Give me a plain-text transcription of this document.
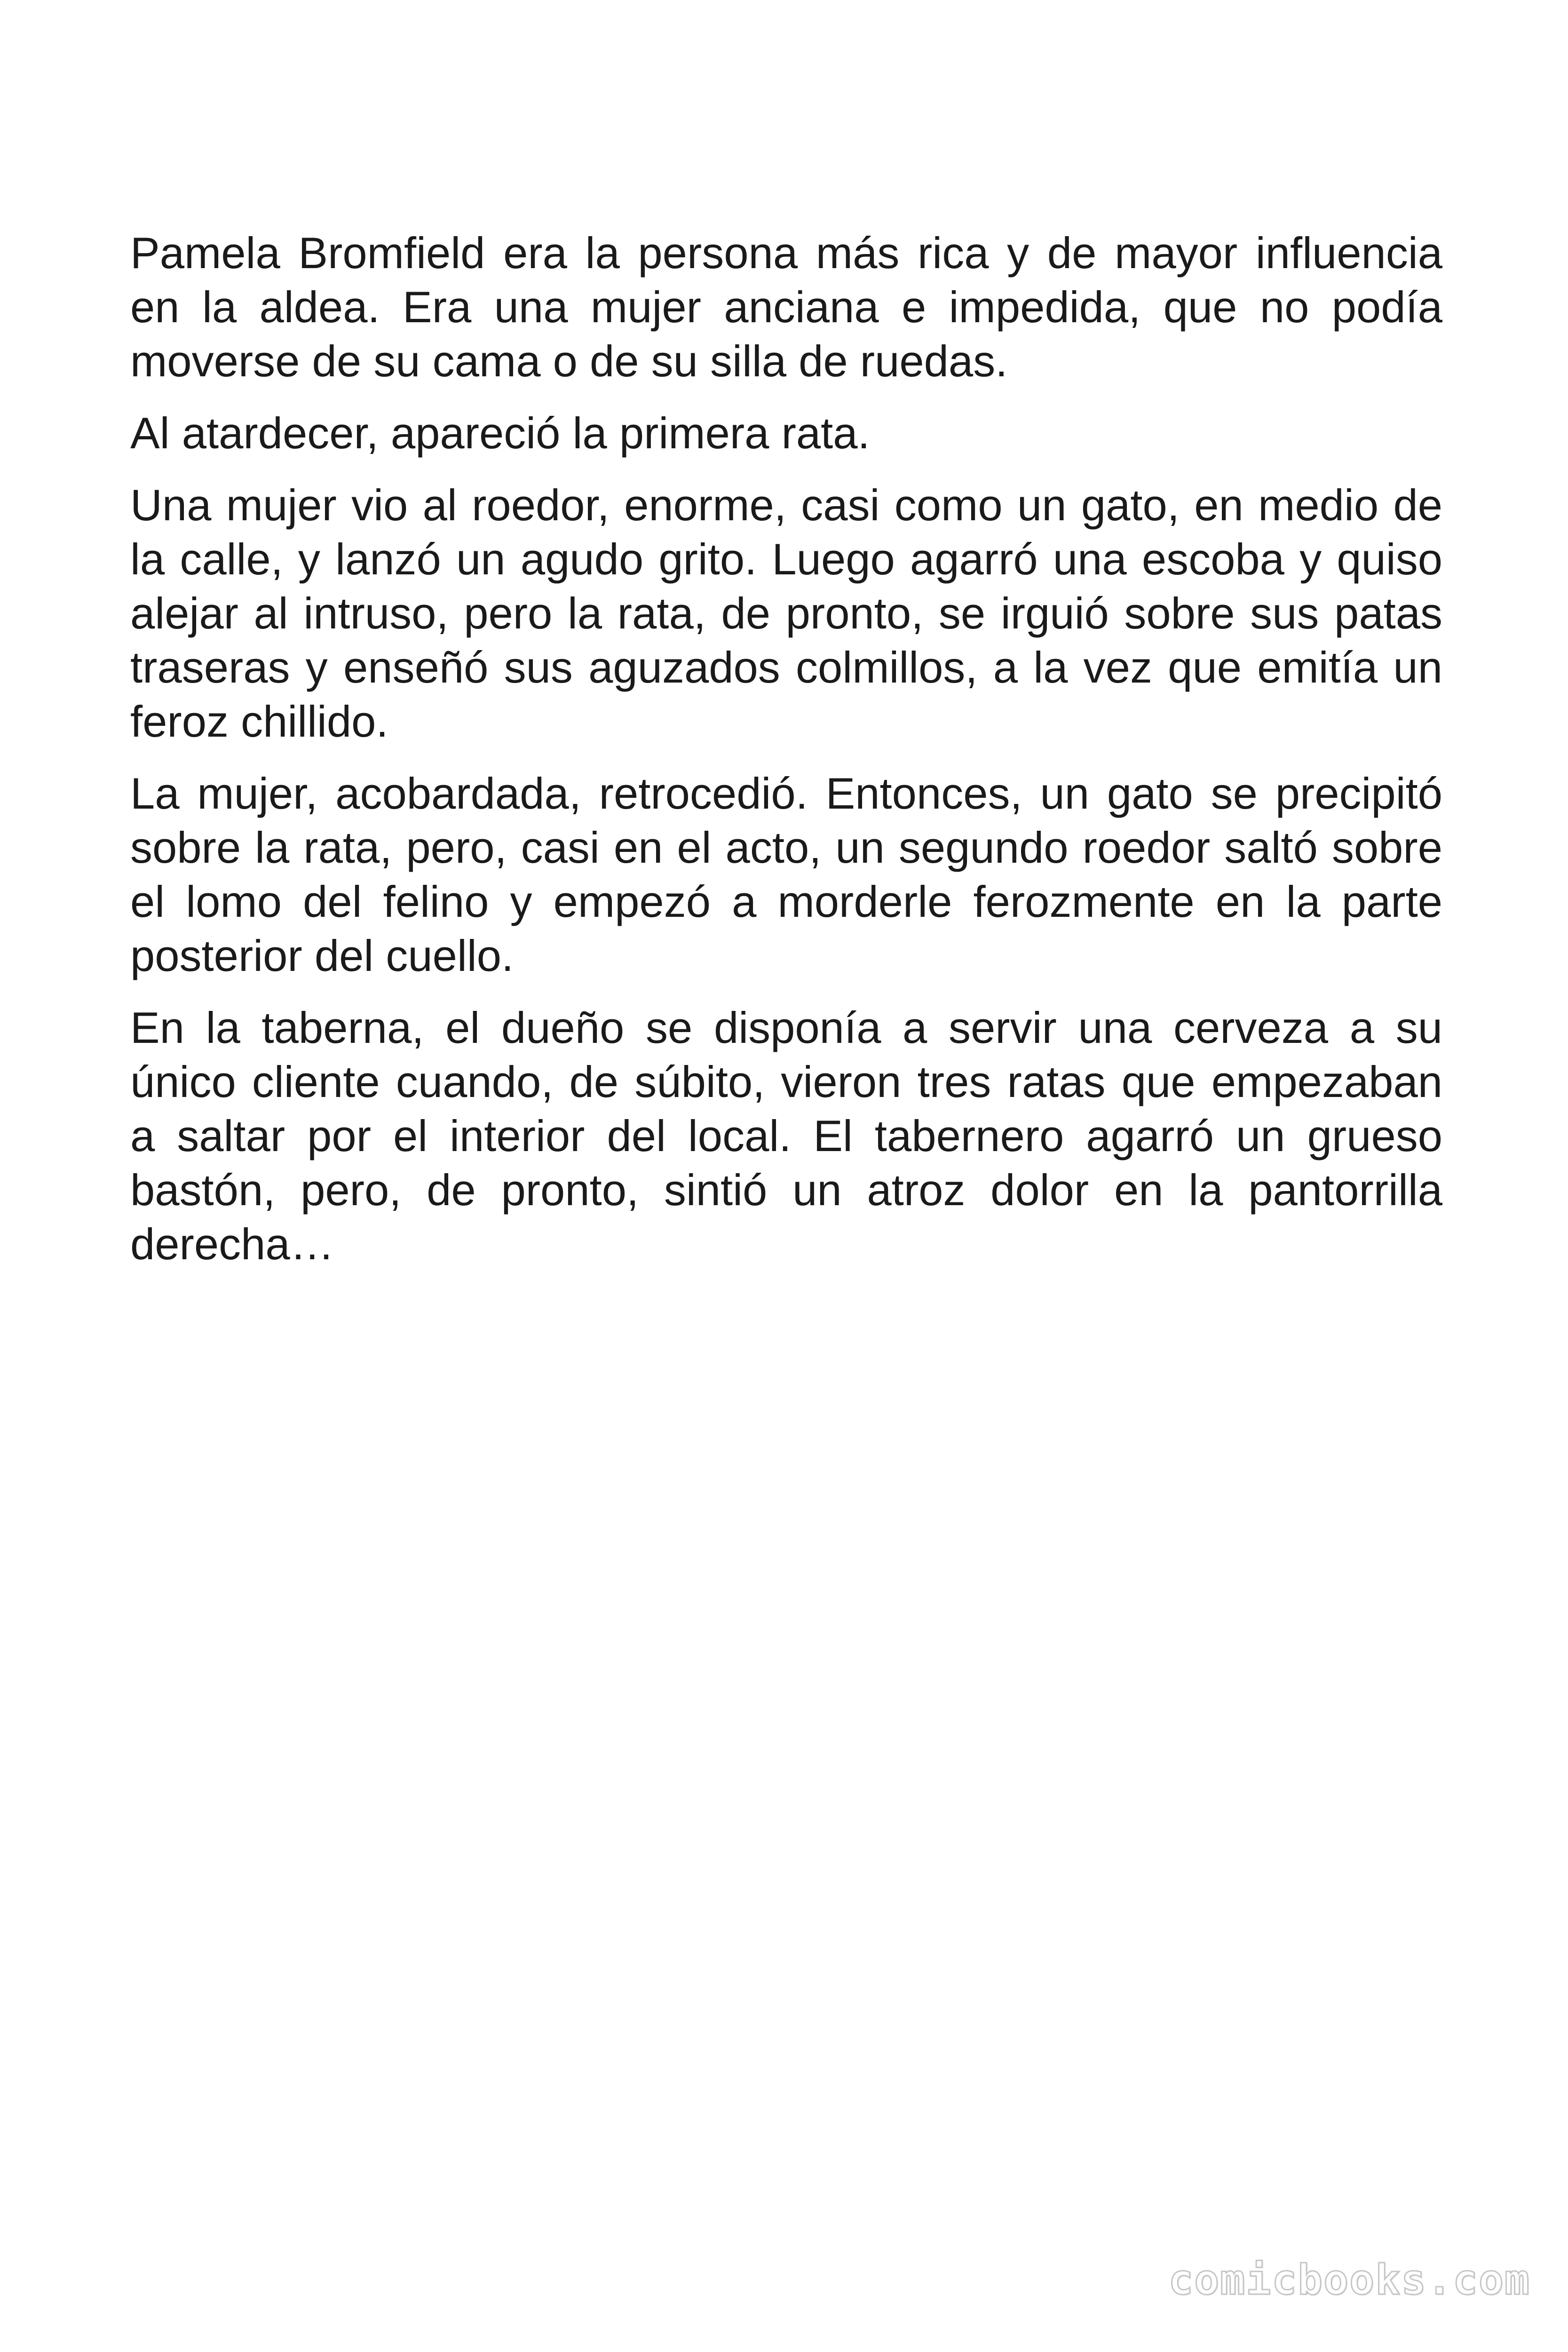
Pamela Bromfield era la persona más rica y de mayor influencia en la aldea. Era una mujer anciana e impedida, que no podía moverse de su cama o de su silla de ruedas.

Al atardecer, apareció la primera rata.

Una mujer vio al roedor, enorme, casi como un gato, en medio de la calle, y lanzó un agudo grito. Luego agarró una escoba y quiso alejar al intruso, pero la rata, de pronto, se irguió sobre sus patas traseras y enseñó sus aguzados colmillos, a la vez que emitía un feroz chillido.

La mujer, acobardada, retrocedió. Entonces, un gato se precipitó sobre la rata, pero, casi en el acto, un segundo roedor saltó sobre el lomo del felino y empezó a morderle ferozmente en la parte posterior del cuello.

En la taberna, el dueño se disponía a servir una cerveza a su único cliente cuando, de súbito, vieron tres ratas que empezaban a saltar por el interior del local. El tabernero agarró un grueso bastón, pero, de pronto, sintió un atroz dolor en la pantorrilla derecha…

comicbooks.com
